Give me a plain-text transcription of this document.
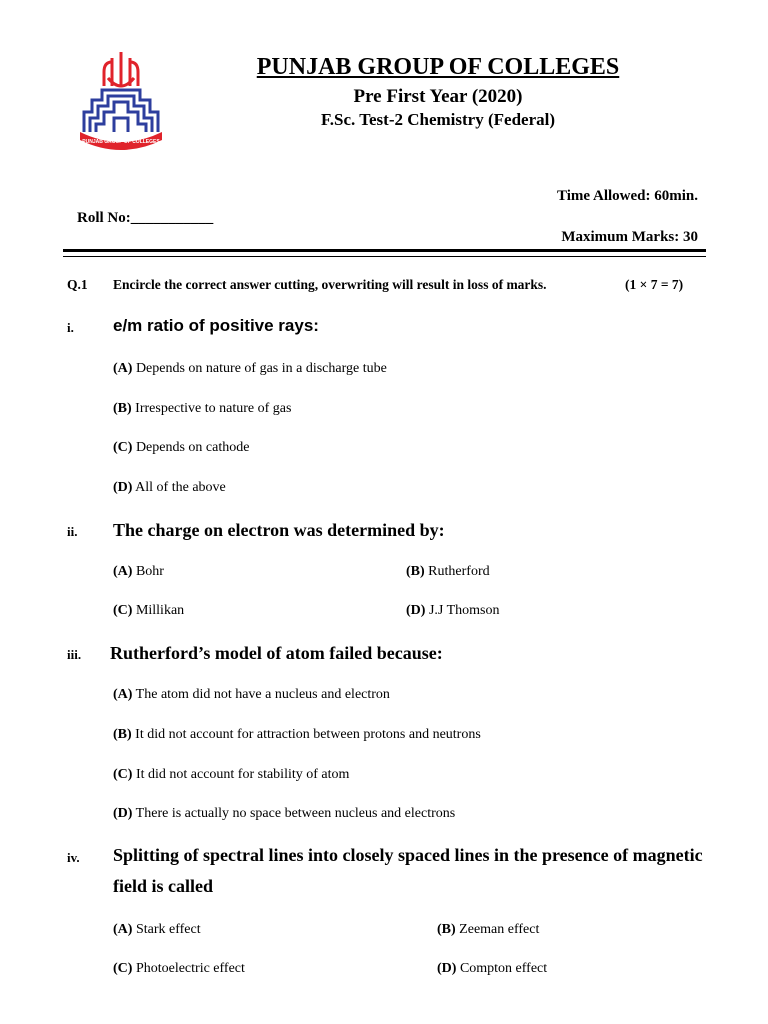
PUNJAB GROUP OF COLLEGES
PUNJAB GROUP OF COLLEGES
Pre First Year (2020)
F.Sc. Test-2 Chemistry (Federal)
Time Allowed: 60min.
Roll No:___________
Maximum Marks: 30
Q.1 Encircle the correct answer cutting, overwriting will result in loss of marks.	(1 × 7 = 7)
i. e/m ratio of positive rays:
(A) Depends on nature of gas in a discharge tube
(B) Irrespective to nature of gas
(C) Depends on cathode
(D) All of the above
ii. The charge on electron was determined by:
(A) Bohr	(B) Rutherford
(C) Millikan	(D) J.J Thomson
iii. Rutherford’s model of atom failed because:
(A) The atom did not have a nucleus and electron
(B) It did not account for attraction between protons and neutrons
(C) It did not account for stability of atom
(D) There is actually no space between nucleus and electrons
iv. Splitting of spectral lines into closely spaced lines in the presence of magnetic field is called
(A) Stark effect	(B) Zeeman effect
(C) Photoelectric effect	(D) Compton effect
